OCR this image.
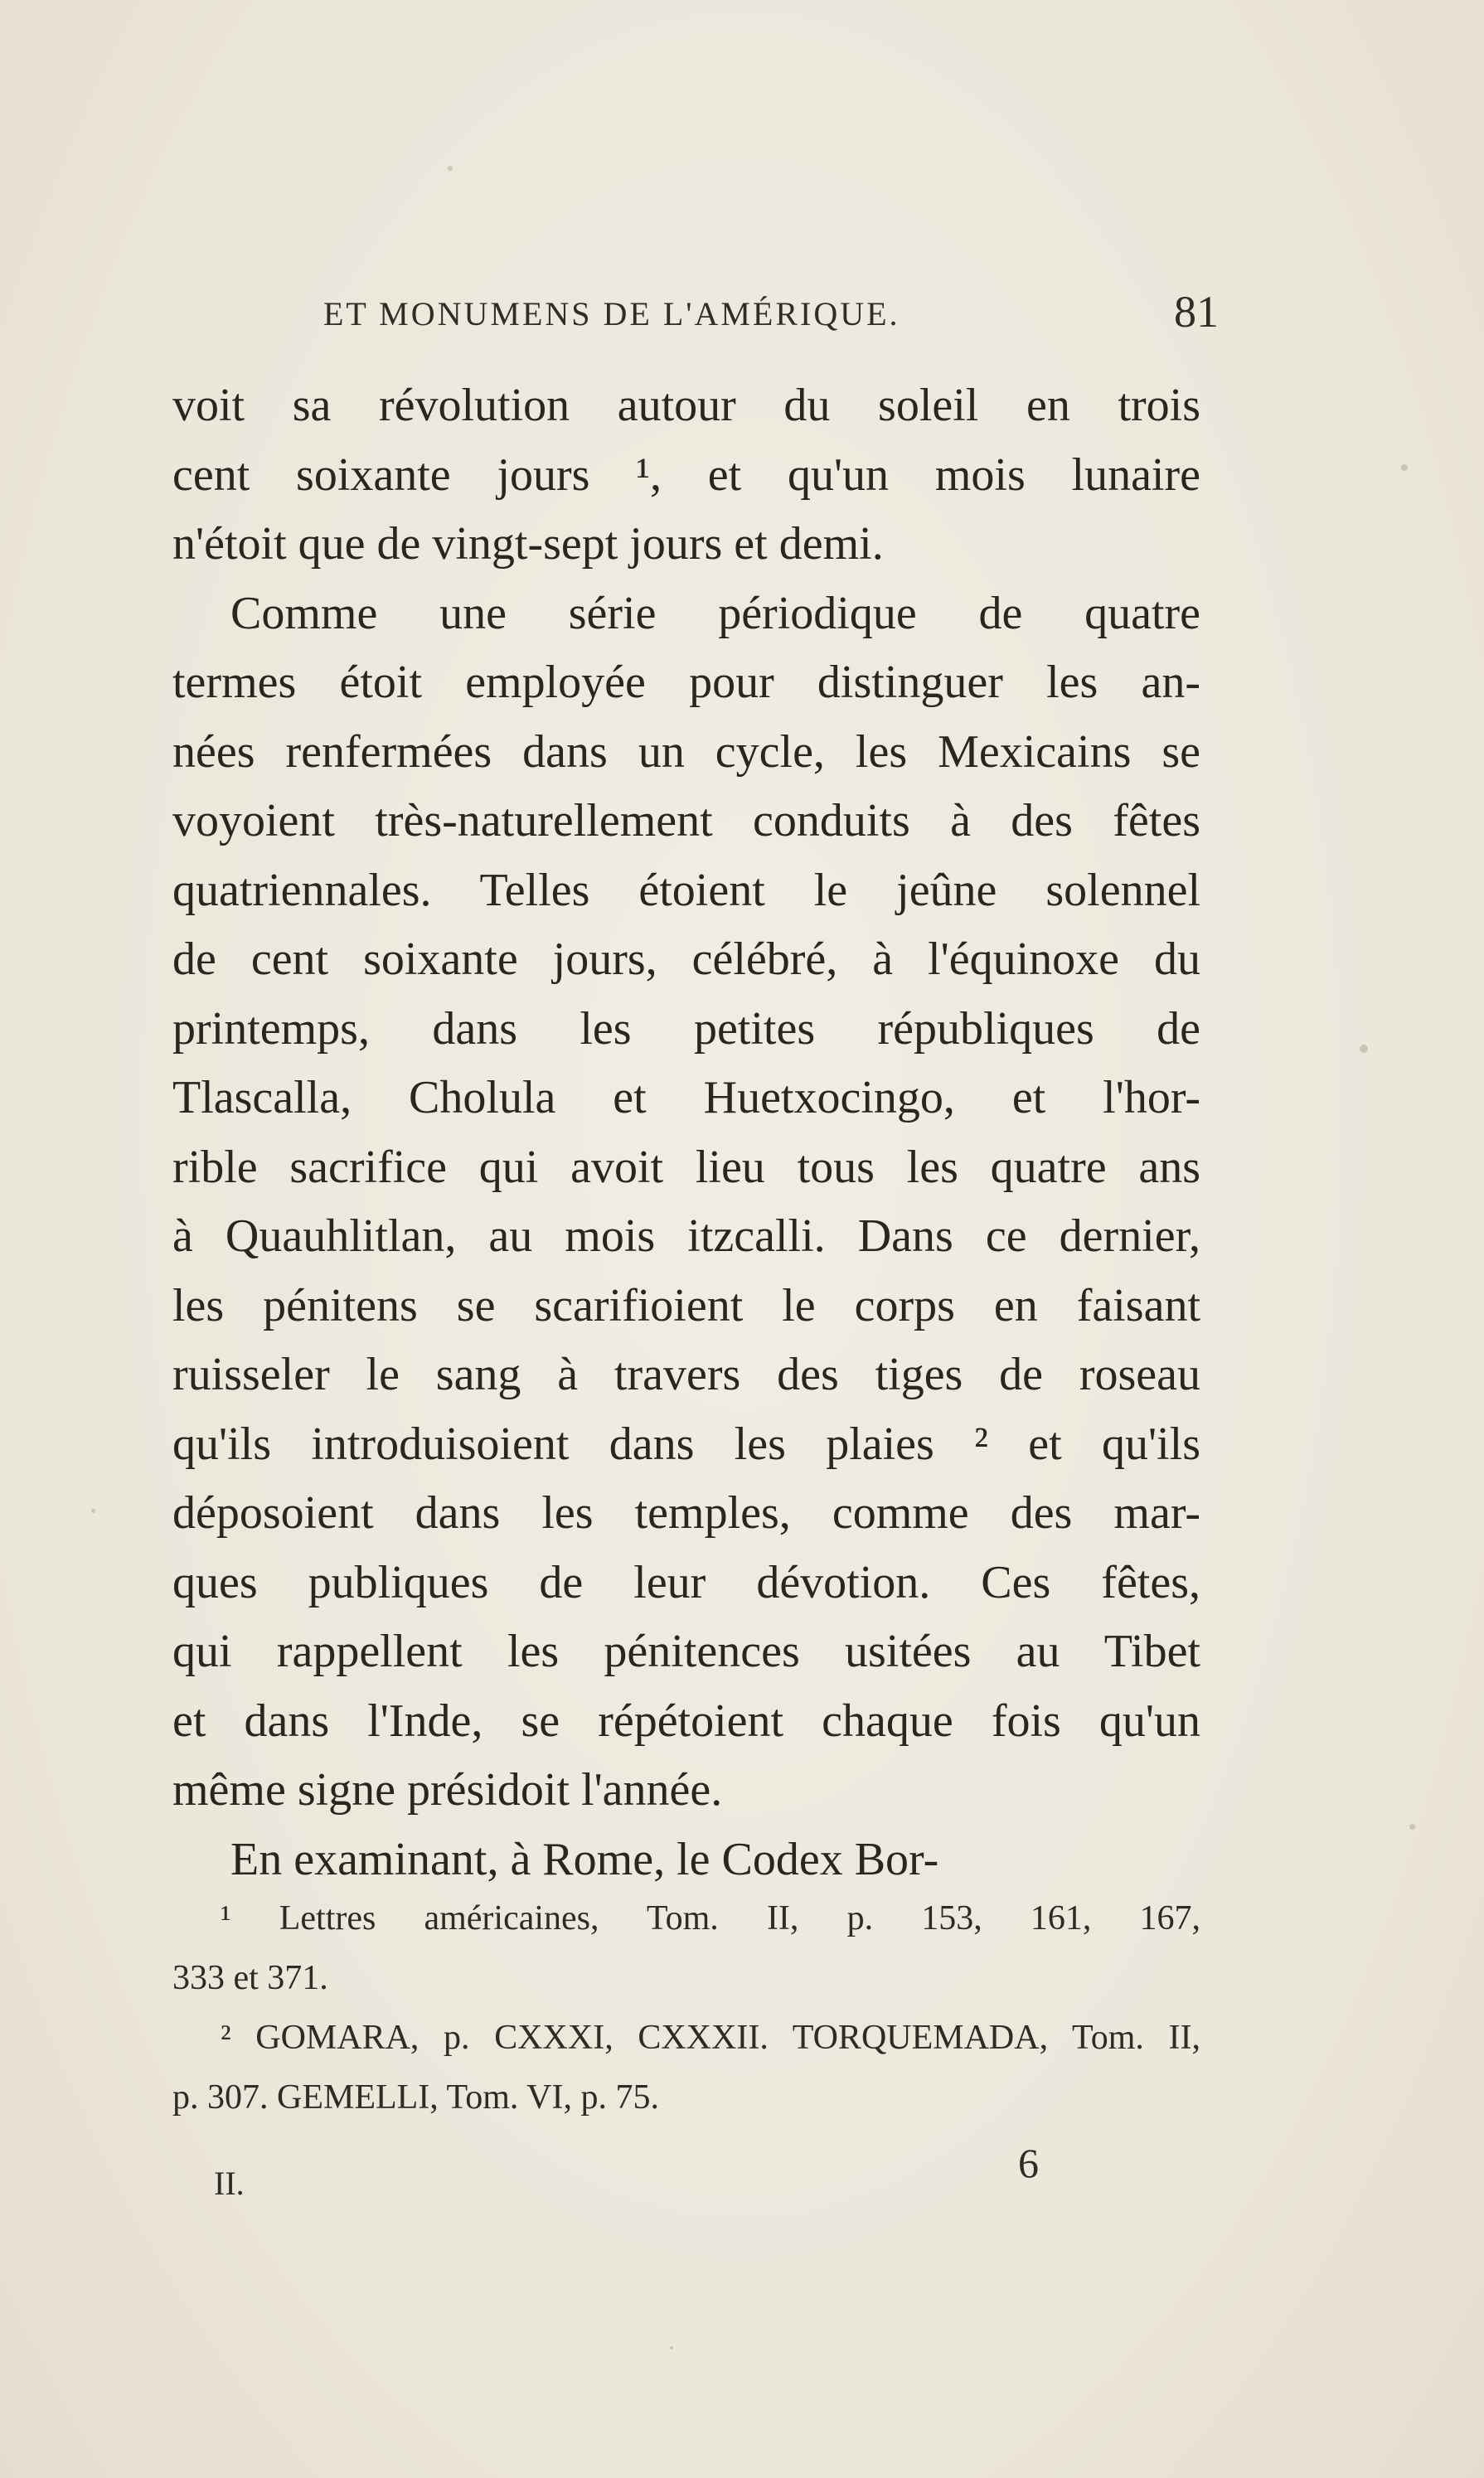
ET MONUMENS DE L'AMÉRIQUE.	81
voit sa révolution autour du soleil en trois
cent soixante jours ¹, et qu'un mois lunaire
n'étoit que de vingt-sept jours et demi.
Comme une série périodique de quatre
termes étoit employée pour distinguer les an-
nées renfermées dans un cycle, les Mexicains se
voyoient très-naturellement conduits à des fêtes
quatriennales. Telles étoient le jeûne solennel
de cent soixante jours, célébré, à l'équinoxe du
printemps, dans les petites républiques de
Tlascalla, Cholula et Huetxocingo, et l'hor-
rible sacrifice qui avoit lieu tous les quatre ans
à Quauhlitlan, au mois itzcalli. Dans ce dernier,
les pénitens se scarifioient le corps en faisant
ruisseler le sang à travers des tiges de roseau
qu'ils introduisoient dans les plaies ² et qu'ils
déposoient dans les temples, comme des mar-
ques publiques de leur dévotion. Ces fêtes,
qui rappellent les pénitences usitées au Tibet
et dans l'Inde, se répétoient chaque fois qu'un
même signe présidoit l'année.
En examinant, à Rome, le Codex Bor-
¹ Lettres américaines, Tom. II, p. 153, 161, 167,
333 et 371.
² GOMARA, p. CXXXI, CXXXII. TORQUEMADA, Tom. II,
p. 307. GEMELLI, Tom. VI, p. 75.
II.	6
